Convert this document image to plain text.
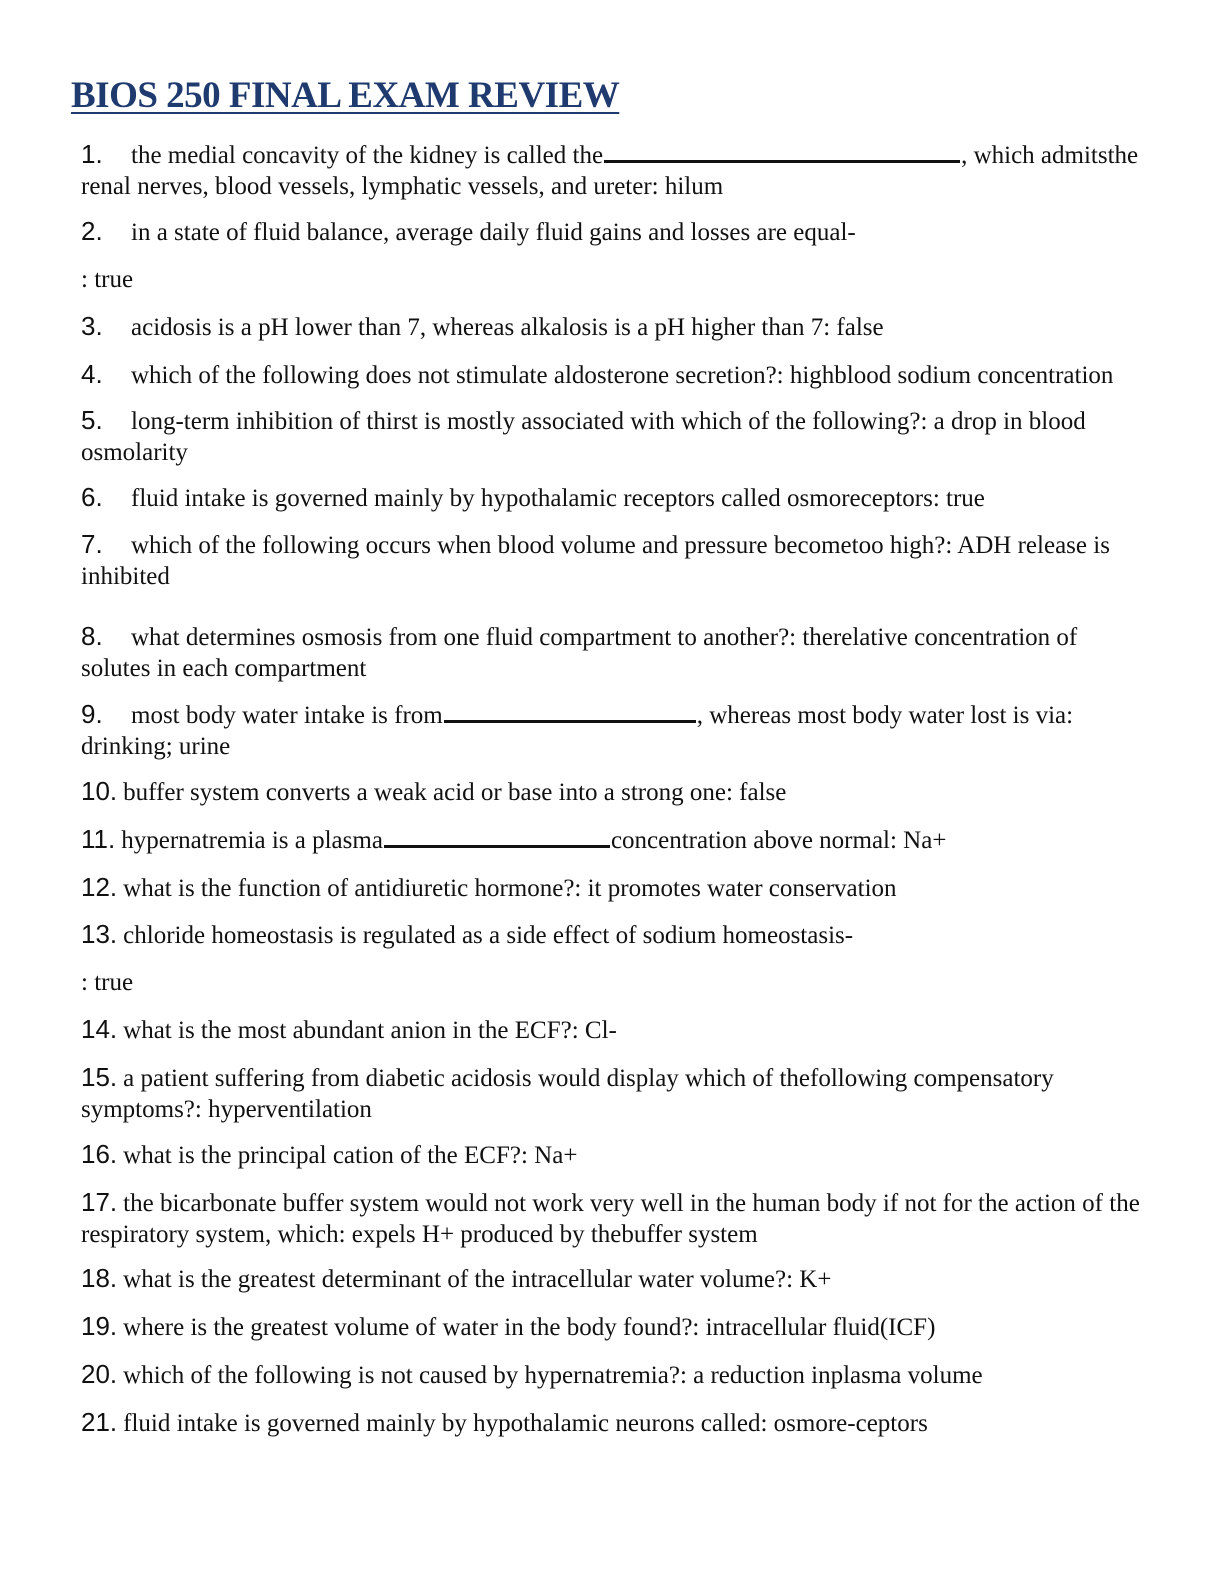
BIOS 250 FINAL EXAM REVIEW

1. the medial concavity of the kidney is called the	, which admitsthe renal nerves, blood vessels, lymphatic vessels, and ureter: hilum

2. in a state of fluid balance, average daily fluid gains and losses are equal-

: true

3. acidosis is a pH lower than 7, whereas alkalosis is a pH higher than 7: false

4. which of the following does not stimulate aldosterone secretion?: highblood sodium concentration

5. long-term inhibition of thirst is mostly associated with which of the following?: a drop in blood osmolarity

6. fluid intake is governed mainly by hypothalamic receptors called osmoreceptors: true

7. which of the following occurs when blood volume and pressure becometoo high?: ADH release is inhibited

8. what determines osmosis from one fluid compartment to another?: therelative concentration of solutes in each compartment

9. most body water intake is from	, whereas most body water lost is via: drinking; urine

10. buffer system converts a weak acid or base into a strong one: false

11. hypernatremia is a plasma	concentration above normal: Na+

12. what is the function of antidiuretic hormone?: it promotes water conservation

13. chloride homeostasis is regulated as a side effect of sodium homeostasis-

: true

14. what is the most abundant anion in the ECF?: Cl-

15. a patient suffering from diabetic acidosis would display which of thefollowing compensatory symptoms?: hyperventilation

16. what is the principal cation of the ECF?: Na+

17. the bicarbonate buffer system would not work very well in the human body if not for the action of the respiratory system, which: expels H+ produced by thebuffer system

18. what is the greatest determinant of the intracellular water volume?: K+

19. where is the greatest volume of water in the body found?: intracellular fluid(ICF)

20. which of the following is not caused by hypernatremia?: a reduction inplasma volume

21. fluid intake is governed mainly by hypothalamic neurons called: osmore-ceptors
